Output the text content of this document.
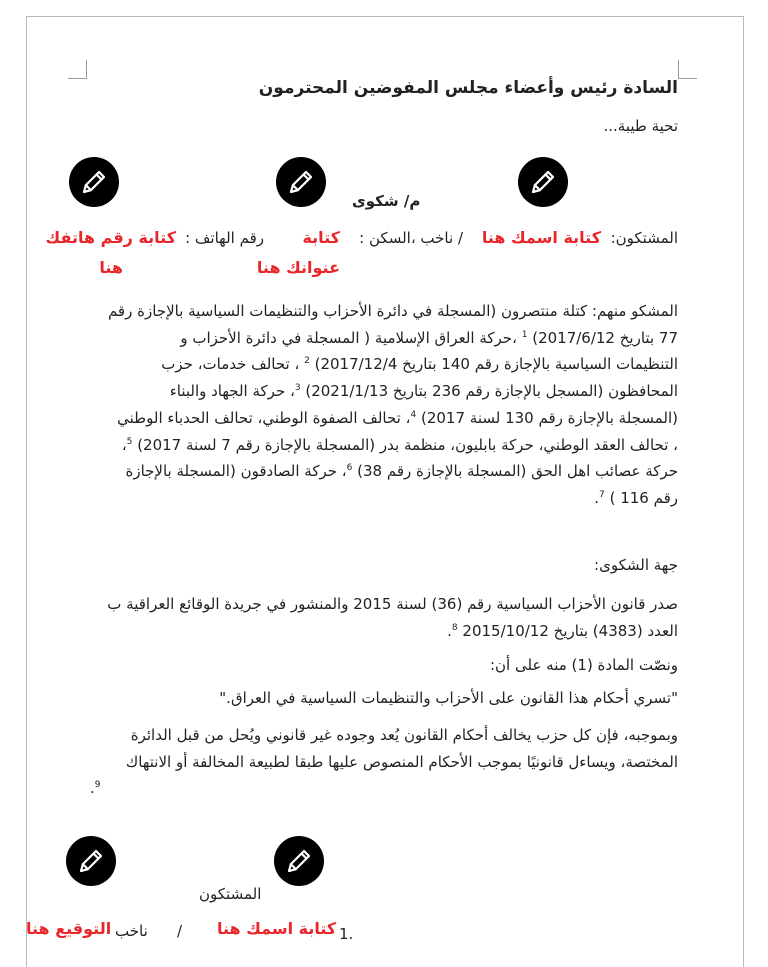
السادة رئيس وأعضاء مجلس المفوضين المحترمون
تحية طيبة...
م/ شكوى
المشتكون:
كتابة اسمك هنا
/ ناخب ،السكن :
كتابة
عنوانك هنا
رقم الهاتف :
كتابة رقم هاتفك
هنا
المشكو منهم: كتلة منتصرون (المسجلة في دائرة الأحزاب والتنظيمات السياسية بالإجازة رقم
77 بتاريخ 2017/6/12) $^1$ ،حركة العراق الإسلامية ( المسجلة في دائرة الأحزاب و
التنظيمات السياسية بالإجازة رقم 140 بتاريخ 2017/12/4) $^2$ ، تحالف خدمات، حزب
المحافظون (المسجل بالإجازة رقم 236 بتاريخ 2021/1/13) $^3$، حركة الجهاد والبناء
(المسجلة بالإجازة رقم 130 لسنة 2017) $^4$، تحالف الصفوة الوطني، تحالف الحدباء الوطني
، تحالف العقد الوطني، حركة بابليون، منظمة بدر (المسجلة بالإجازة رقم 7 لسنة 2017) $^5$،
حركة عصائب اهل الحق (المسجلة بالإجازة رقم 38) $^6$، حركة الصادقون (المسجلة بالإجازة
رقم 116 ) $^7$.
جهة الشكوى:
صدر قانون الأحزاب السياسية رقم (36) لسنة 2015 والمنشور في جريدة الوقائع العراقية ب
العدد (4383) بتاريخ 2015/10/12 $^8$.
ونصّت المادة (1) منه على أن:
"تسري أحكام هذا القانون على الأحزاب والتنظيمات السياسية في العراق."
وبموجبه، فإن كل حزب يخالف أحكام القانون يُعد وجوده غير قانوني ويُحل من قبل الدائرة
المختصة، ويساءل قانونيًا بموجب الأحكام المنصوص عليها طبقا لطبيعة المخالفة أو الانتهاك
$^9$.
المشتكون
1.
كتابة اسمك هنا
/
ناخب
التوقيع هنا
